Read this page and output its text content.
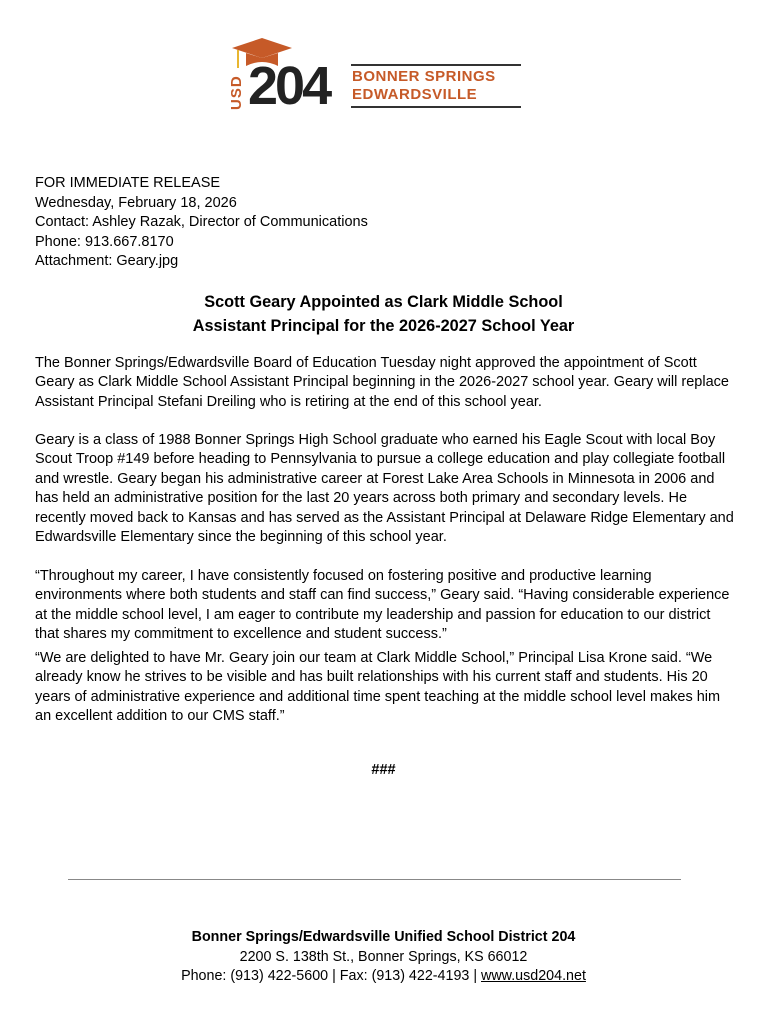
USD 204 BONNER SPRINGS
EDWARDSVILLE
FOR IMMEDIATE RELEASE
Wednesday, February 18, 2026
Contact: Ashley Razak, Director of Communications
Phone: 913.667.8170
Attachment: Geary.jpg
Scott Geary Appointed as Clark Middle School
Assistant Principal for the 2026-2027 School Year
The Bonner Springs/Edwardsville Board of Education Tuesday night approved the appointment of Scott Geary as Clark Middle School Assistant Principal beginning in the 2026-2027 school year. Geary will replace Assistant Principal Stefani Dreiling who is retiring at the end of this school year.
Geary is a class of 1988 Bonner Springs High School graduate who earned his Eagle Scout with local Boy Scout Troop #149 before heading to Pennsylvania to pursue a college education and play collegiate football and wrestle. Geary began his administrative career at Forest Lake Area Schools in Minnesota in 2006 and has held an administrative position for the last 20 years across both primary and secondary levels. He recently moved back to Kansas and has served as the Assistant Principal at Delaware Ridge Elementary and Edwardsville Elementary since the beginning of this school year.
“Throughout my career, I have consistently focused on fostering positive and productive learning environments where both students and staff can find success,” Geary said. “Having considerable experience at the middle school level, I am eager to contribute my leadership and passion for education to our district that shares my commitment to excellence and student success.”
“We are delighted to have Mr. Geary join our team at Clark Middle School,” Principal Lisa Krone said. “We already know he strives to be visible and has built relationships with his current staff and students. His 20 years of administrative experience and additional time spent teaching at the middle school level makes him an excellent addition to our CMS staff.”
###
Bonner Springs/Edwardsville Unified School District 204
2200 S. 138th St., Bonner Springs, KS 66012
Phone: (913) 422-5600 | Fax: (913) 422-4193 | www.usd204.net
